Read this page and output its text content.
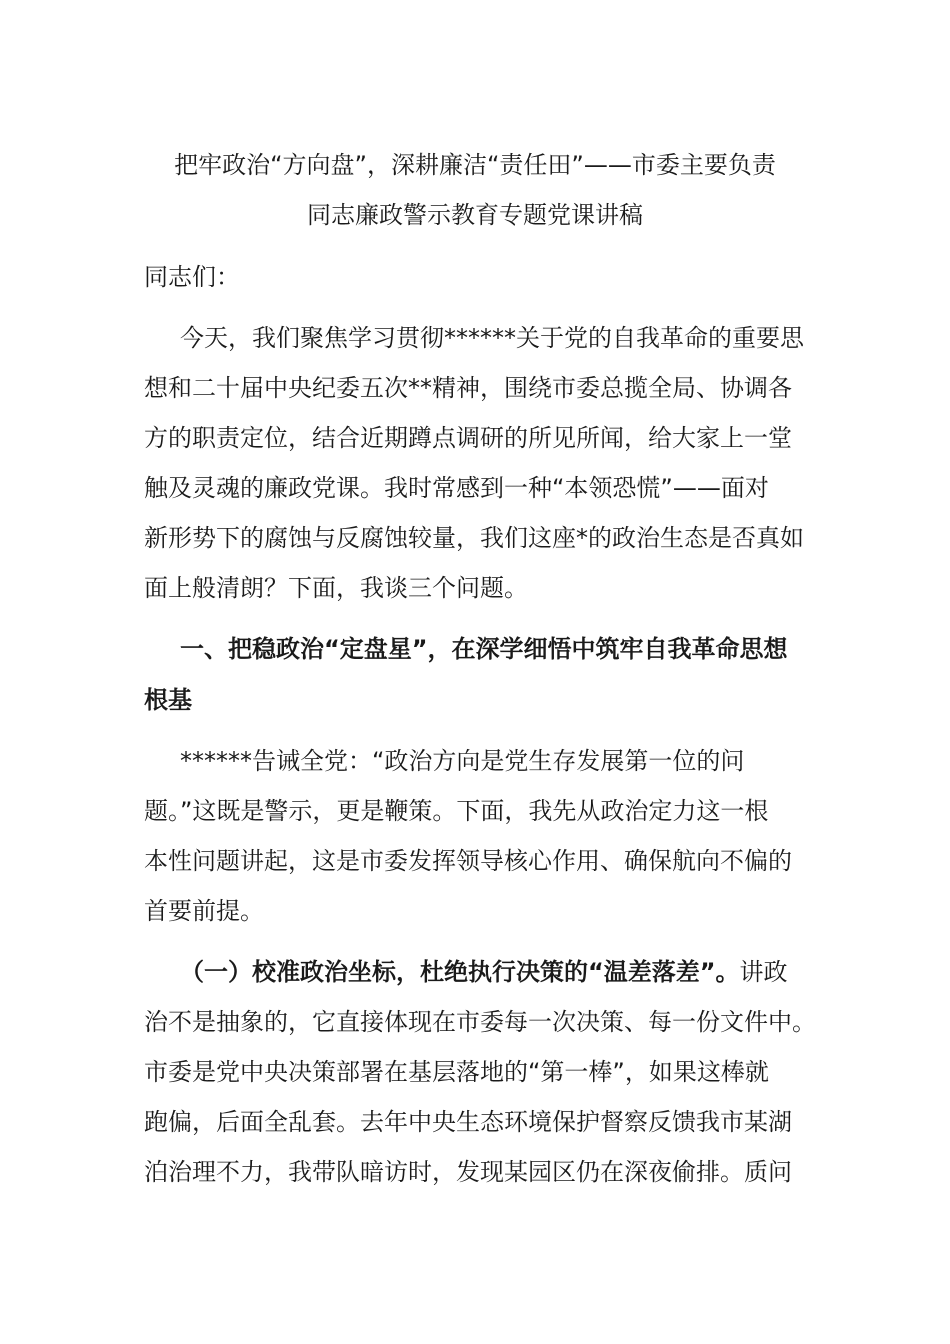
把牢政治“方向盘”，深耕廉洁“责任田”——市委主要负责
同志廉政警示教育专题党课讲稿
同志们：
今天，我们聚焦学习贯彻******关于党的自我革命的重要思
想和二十届中央纪委五次**精神，围绕市委总揽全局、协调各
方的职责定位，结合近期蹲点调研的所见所闻，给大家上一堂
触及灵魂的廉政党课。我时常感到一种“本领恐慌”——面对
新形势下的腐蚀与反腐蚀较量，我们这座*的政治生态是否真如
面上般清朗？下面，我谈三个问题。
一、把稳政治“定盘星”，在深学细悟中筑牢自我革命思想
根基
******告诫全党：“政治方向是党生存发展第一位的问
题。”这既是警示，更是鞭策。下面，我先从政治定力这一根
本性问题讲起，这是市委发挥领导核心作用、确保航向不偏的
首要前提。
（一）校准政治坐标，杜绝执行决策的“温差落差”。讲政
治不是抽象的，它直接体现在市委每一次决策、每一份文件中。
市委是党中央决策部署在基层落地的“第一棒”，如果这棒就
跑偏，后面全乱套。去年中央生态环境保护督察反馈我市某湖
泊治理不力，我带队暗访时，发现某园区仍在深夜偷排。质问
